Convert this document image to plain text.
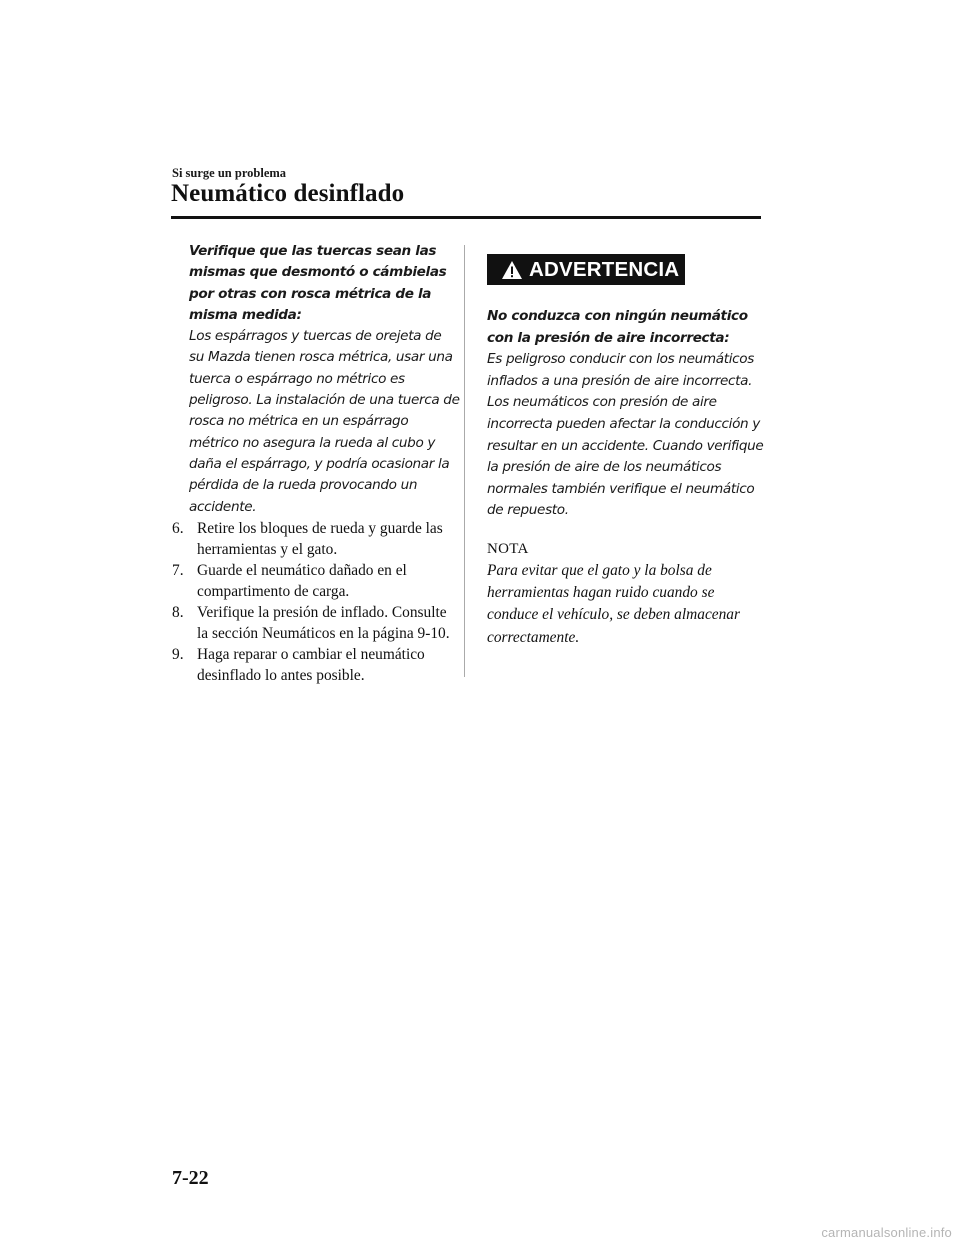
Si surge un problema
Neumático desinflado
Verifique que las tuercas sean las mismas que desmontó o cámbielas por otras con rosca métrica de la misma medida:
Los espárragos y tuercas de orejeta de su Mazda tienen rosca métrica, usar una tuerca o espárrago no métrico es peligroso. La instalación de una tuerca de rosca no métrica en un espárrago métrico no asegura la rueda al cubo y daña el espárrago, y podría ocasionar la pérdida de la rueda provocando un accidente.
6. Retire los bloques de rueda y guarde las herramientas y el gato.
7. Guarde el neumático dañado en el compartimento de carga.
8. Verifique la presión de inflado. Consulte la sección Neumáticos en la página 9-10.
9. Haga reparar o cambiar el neumático desinflado lo antes posible.
ADVERTENCIA
No conduzca con ningún neumático con la presión de aire incorrecta:
Es peligroso conducir con los neumáticos inflados a una presión de aire incorrecta. Los neumáticos con presión de aire incorrecta pueden afectar la conducción y resultar en un accidente. Cuando verifique la presión de aire de los neumáticos normales también verifique el neumático de repuesto.
NOTA
Para evitar que el gato y la bolsa de herramientas hagan ruido cuando se conduce el vehículo, se deben almacenar correctamente.
7-22
carmanualsonline.info
